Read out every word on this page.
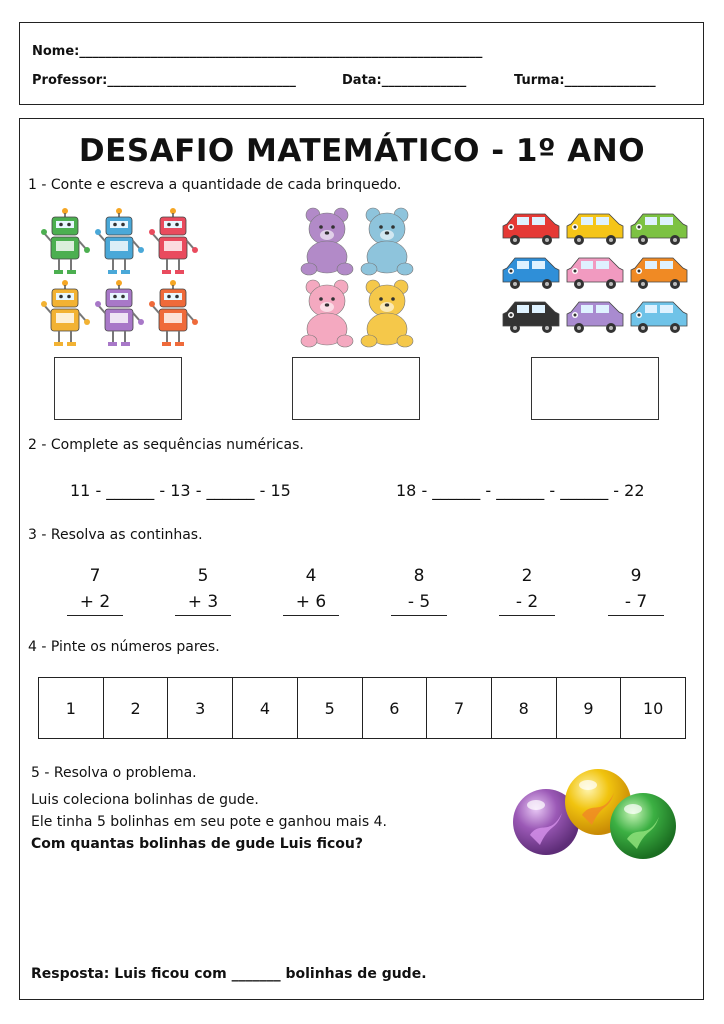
Nome:______________________________________________________________
Professor:_____________________________	Data:_____________	Turma:______________
DESAFIO MATEMÁTICO - 1º ANO
1 - Conte e escreva a quantidade de cada brinquedo.
2 - Complete as sequências numéricas.
11 - ______ - 13 - ______ - 15	18 - ______ - ______ - ______ - 22
3 - Resolva as continhas.
7
+ 2
5
+ 3
4
+ 6
8
- 5
2
- 2
9
- 7
4 - Pinte os números pares.
1	2	3	4	5	6	7	8	9	10
5 - Resolva o problema.
Luis coleciona bolinhas de gude.
Ele tinha 5 bolinhas em seu pote e ganhou mais 4.
Com quantas bolinhas de gude Luis ficou?
Resposta: Luis ficou com _______ bolinhas de gude.
